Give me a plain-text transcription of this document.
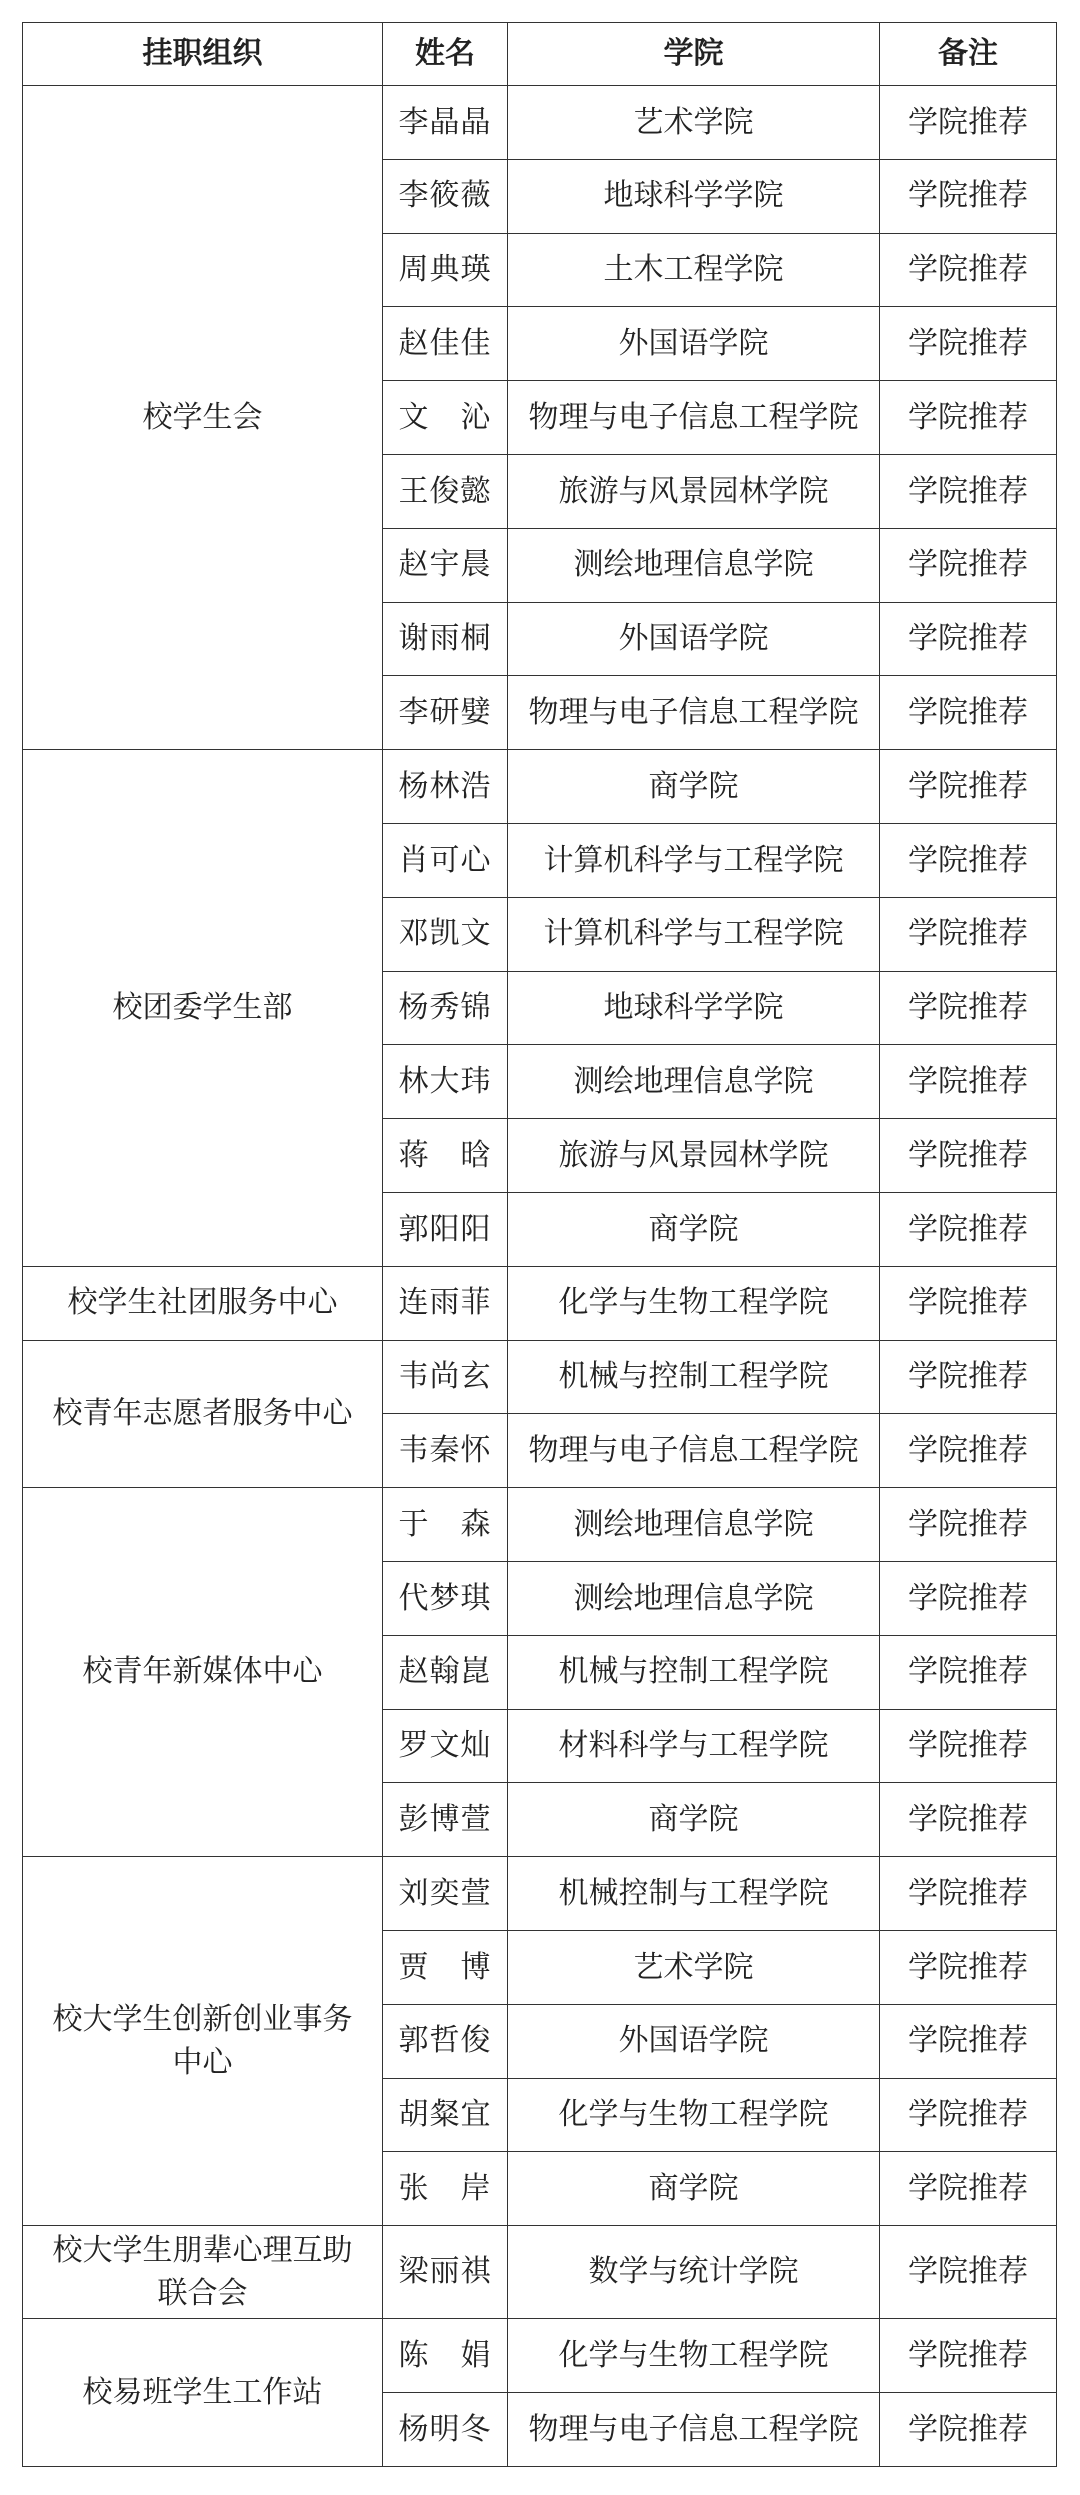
挂职组织	姓名	学院	备注
校学生会	李晶晶	艺术学院	学院推荐
	李筱薇	地球科学学院	学院推荐
	周典瑛	土木工程学院	学院推荐
	赵佳佳	外国语学院	学院推荐
	文　沁	物理与电子信息工程学院	学院推荐
	王俊懿	旅游与风景园林学院	学院推荐
	赵宇晨	测绘地理信息学院	学院推荐
	谢雨桐	外国语学院	学院推荐
	李研嬖	物理与电子信息工程学院	学院推荐
校团委学生部	杨林浩	商学院	学院推荐
	肖可心	计算机科学与工程学院	学院推荐
	邓凯文	计算机科学与工程学院	学院推荐
	杨秀锦	地球科学学院	学院推荐
	林大玮	测绘地理信息学院	学院推荐
	蒋　晗	旅游与风景园林学院	学院推荐
	郭阳阳	商学院	学院推荐
校学生社团服务中心	连雨菲	化学与生物工程学院	学院推荐
校青年志愿者服务中心	韦尚玄	机械与控制工程学院	学院推荐
	韦秦怀	物理与电子信息工程学院	学院推荐
校青年新媒体中心	于　森	测绘地理信息学院	学院推荐
	代梦琪	测绘地理信息学院	学院推荐
	赵翰崑	机械与控制工程学院	学院推荐
	罗文灿	材料科学与工程学院	学院推荐
	彭博萱	商学院	学院推荐
校大学生创新创业事务中心	刘奕萱	机械控制与工程学院	学院推荐
	贾　博	艺术学院	学院推荐
	郭哲俊	外国语学院	学院推荐
	胡粲宜	化学与生物工程学院	学院推荐
	张　岸	商学院	学院推荐
校大学生朋辈心理互助联合会	梁丽祺	数学与统计学院	学院推荐
校易班学生工作站	陈　娟	化学与生物工程学院	学院推荐
	杨明冬	物理与电子信息工程学院	学院推荐
